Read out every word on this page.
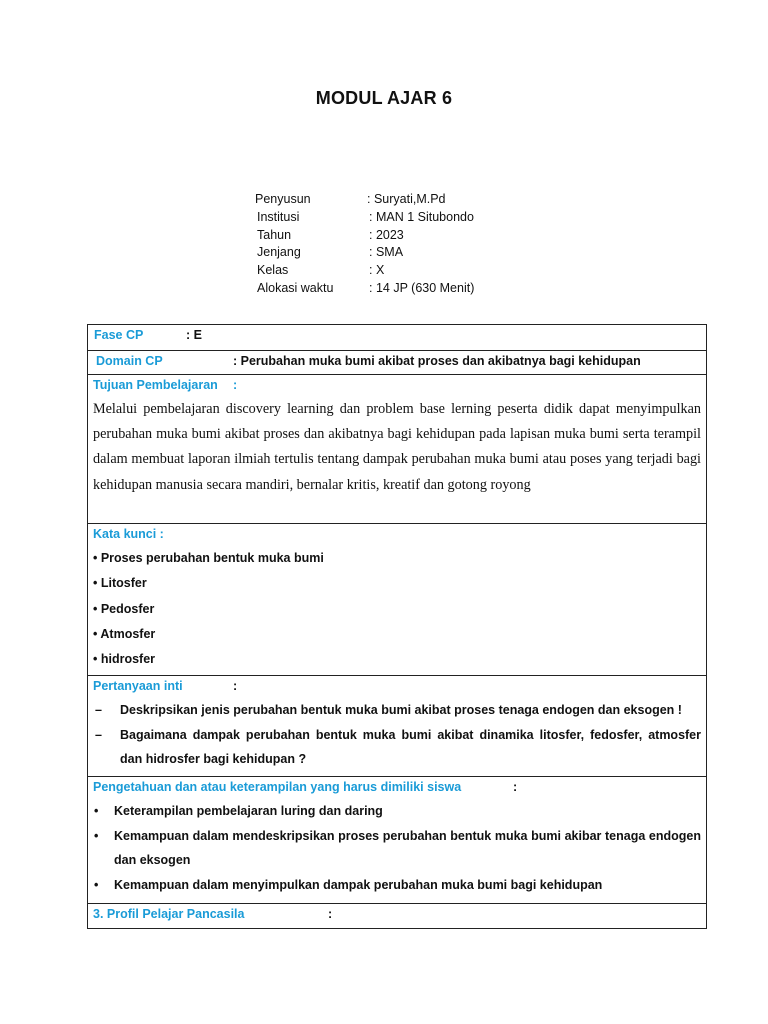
MODUL AJAR 6
Penyusun	: Suryati,M.Pd
Institusi	: MAN 1 Situbondo
Tahun	: 2023
Jenjang	: SMA
Kelas	: X
Alokasi waktu	: 14 JP (630 Menit)
Fase CP	: E
Domain CP	: Perubahan muka bumi akibat proses dan akibatnya bagi kehidupan
Tujuan Pembelajaran	:
Melalui pembelajaran discovery learning dan problem base lerning peserta didik dapat menyimpulkan perubahan muka bumi akibat proses dan akibatnya bagi kehidupan pada lapisan muka bumi serta terampil dalam membuat laporan ilmiah tertulis tentang dampak perubahan muka bumi atau poses yang terjadi bagi kehidupan manusia secara mandiri, bernalar kritis, kreatif dan gotong royong
Kata kunci :
• Proses perubahan bentuk muka bumi
• Litosfer
• Pedosfer
• Atmosfer
• hidrosfer
Pertanyaan inti	:
–	Deskripsikan jenis perubahan bentuk muka bumi akibat proses tenaga endogen dan eksogen !
–	Bagaimana dampak perubahan bentuk muka bumi akibat dinamika litosfer, fedosfer, atmosfer dan hidrosfer bagi kehidupan ?
Pengetahuan dan atau keterampilan yang harus dimiliki siswa	:
•	Keterampilan pembelajaran luring dan daring
•	Kemampuan dalam mendeskripsikan proses perubahan bentuk muka bumi akibar tenaga endogen dan eksogen
•	Kemampuan dalam menyimpulkan dampak perubahan muka bumi bagi kehidupan
3. Profil Pelajar Pancasila	:
